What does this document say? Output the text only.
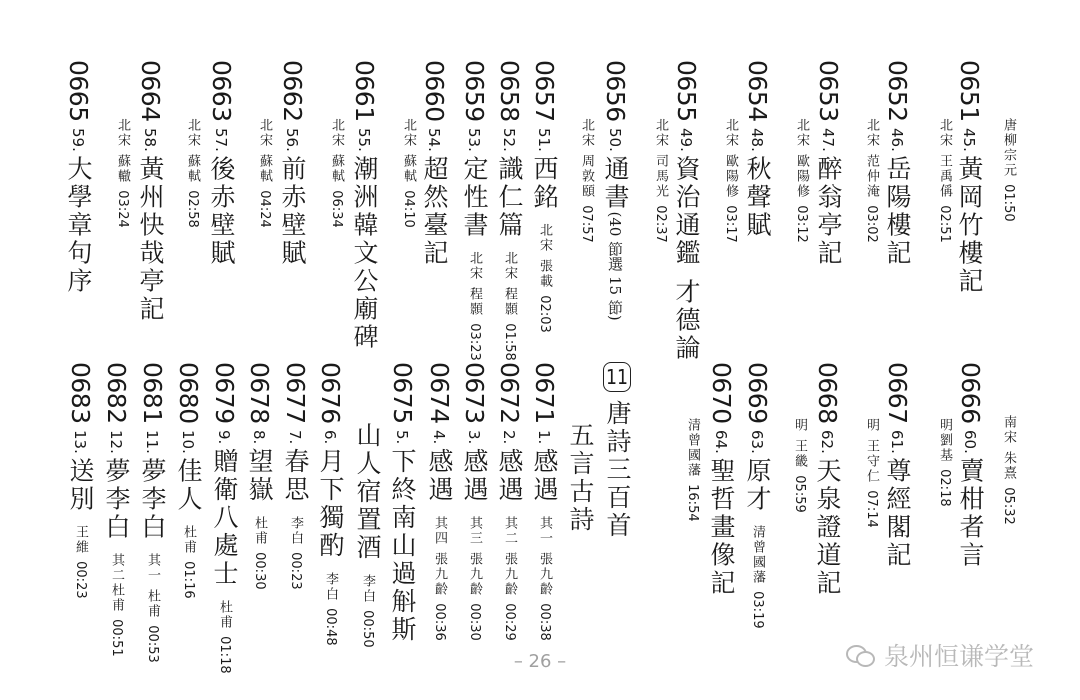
065145.黃岡竹樓記
北宋 王禹偁 02:51
唐柳宗元 01:50
065246.岳陽樓記
北宋 范仲淹 03:02
065347.醉翁亭記
北宋 歐陽修 03:12
065448.秋聲賦
北宋 歐陽修 03:17
065549.資治通鑑 才德論
北宋 司馬光 02:37
065650.通書(40 節選 15 節)
北宋 周敦頤 07:57
065751.西銘北宋 張載 02:03
065852.識仁篇北宋 程顥 01:58
065953.定性書北宋 程顥 03:23
066054.超然臺記
北宋 蘇軾 04:10
066155.潮洲韓文公廟碑
北宋 蘇軾 06:34
066256.前赤壁賦
北宋 蘇軾 04:24
066357.後赤壁賦
北宋 蘇軾 02:58
066458.黃州快哉亭記
北宋 蘇轍 03:24
066559.大學章句序
南宋 朱熹 05:32
066660.賣柑者言
明劉基 02:18
066761.尊經閣記
明 王守仁 07:14
066862.天泉證道記
明 王畿 05:59
066963.原才清曾國藩 03:19
067064.聖哲畫像記
清曾國藩 16:54
11唐詩三百首
五言古詩
06711.感遇其一 張九齡 00:38
06722.感遇其二 張九齡 00:29
06733.感遇其三 張九齡 00:30
06744.感遇其四 張九齡 00:36
06755.下終南山過斛斯
山人宿置酒李白 00:50
06766.月下獨酌李白 00:48
06777.春思李白 00:23
06788.望嶽杜甫 00:30
06799.贈衛八處士杜甫 01:18
068010.佳人杜甫 01:16
068111.夢李白其一 杜甫 00:53
068212.夢李白其二杜甫 00:51
068313.送別王維 00:23
– 26 –	泉州恒谦学堂
